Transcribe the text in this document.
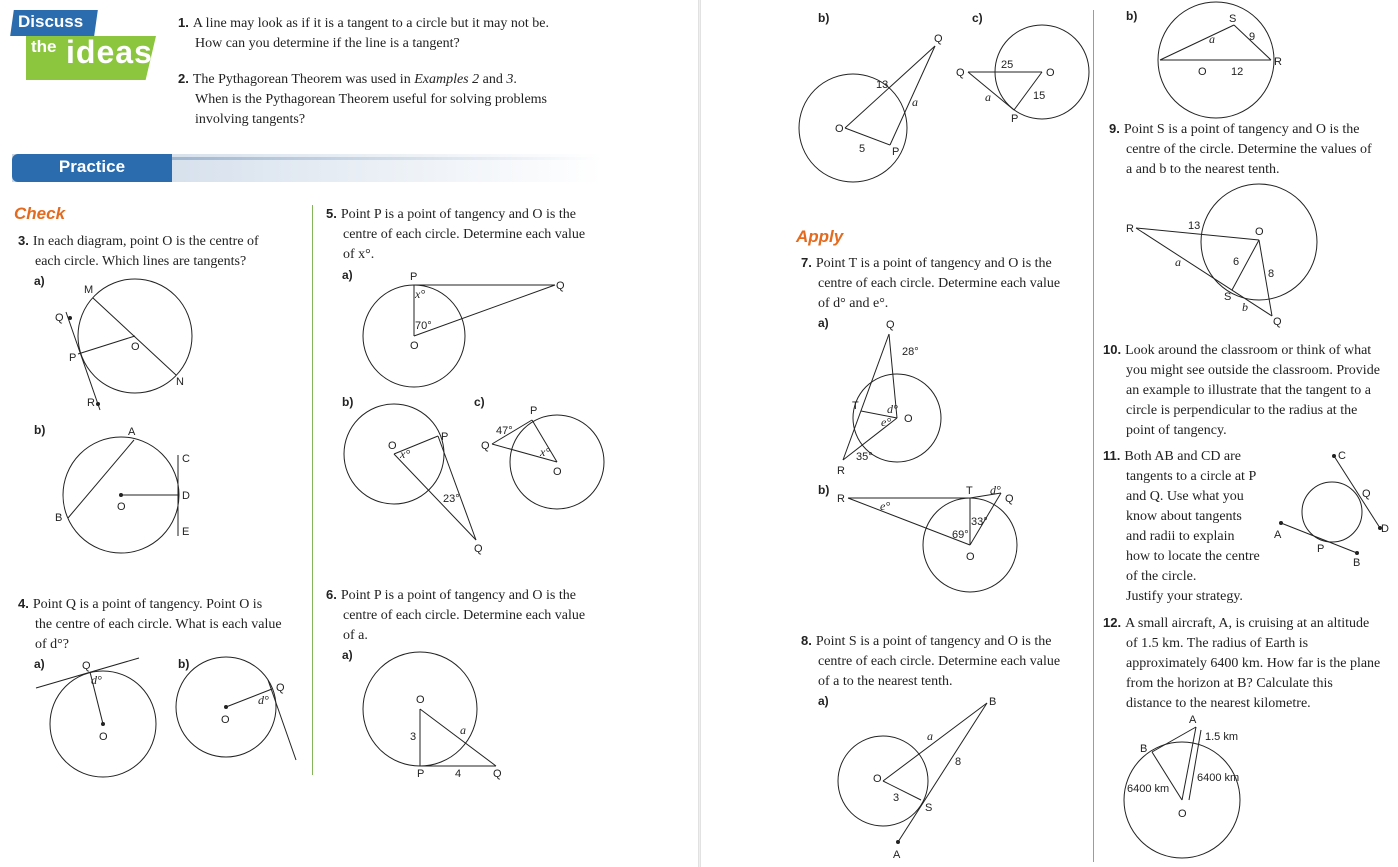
Discuss
the ideas
1. A line may look as if it is a tangent to a circle but it may not be.
How can you determine if the line is a tangent?
2. The Pythagorean Theorem was used in Examples 2 and 3.
When is the Pythagorean Theorem useful for solving problems
involving tangents?
Practice
Check
Apply
3. In each diagram, point O is the centre of
each circle. Which lines are tangents?
a)
b)
4. Point Q is a point of tangency. Point O is
the centre of each circle. What is each value
of d°?
a)	b)
5. Point P is a point of tangency and O is the
centre of each circle. Determine each value
of x°.
a)
b)	c)
6. Point P is a point of tangency and O is the
centre of each circle. Determine each value
of a.
a)
b)	c)	b)
7. Point T is a point of tangency and O is the
centre of each circle. Determine each value
of d° and e°.
a)
b)
8. Point S is a point of tangency and O is the
centre of each circle. Determine each value
of a to the nearest tenth.
a)
9. Point S is a point of tangency and O is the
centre of the circle. Determine the values of
a and b to the nearest tenth.
10. Look around the classroom or think of what
you might see outside the classroom. Provide
an example to illustrate that the tangent to a
circle is perpendicular to the radius at the
point of tangency.
11. Both AB and CD are
tangents to a circle at P
and Q. Use what you
know about tangents
and radii to explain
how to locate the centre
of the circle.
Justify your strategy.
12. A small aircraft, A, is cruising at an altitude
of 1.5 km. The radius of Earth is
approximately 6400 km. How far is the plane
from the horizon at B? Calculate this
distance to the nearest kilometre.
M
Q
P
O
N
R
A
B
O
C
D
E
Q
d°
O
Q
d°
O
P
Q
O
x°
70°
O
P
Q
x°
23°
Q
P
O
47°
x°
O
3
P	4	Q
a
O
13
5 P
Q
a
Q
25
O
15
a
P
Q
28°
T d°
e° O
35°
R
R	e°
T d°
Q
33°
69°
O
O
3
S
a
8
B
A
S
a	9
O 12
R
R	13	O
6
8
a
S
b
Q
C
Q
D
A
P
B
A
1.5 km
B
6400 km
6400 km
O
